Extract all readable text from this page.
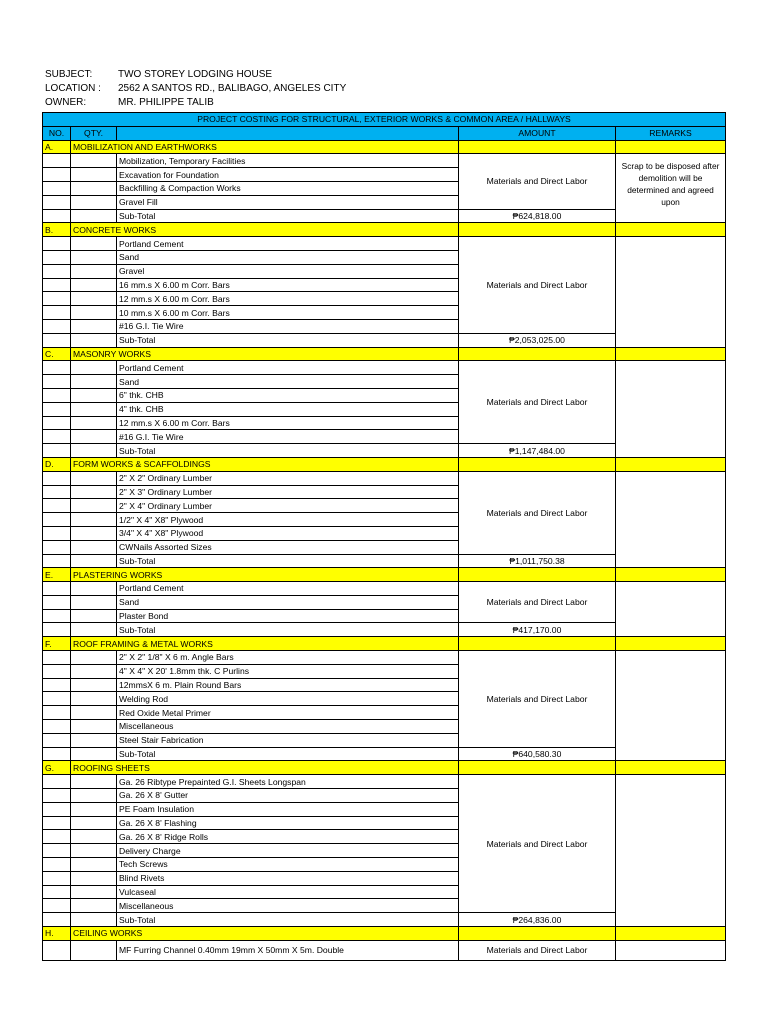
SUBJECT:	TWO STOREY LODGING HOUSE
LOCATION : 2562 A SANTOS RD., BALIBAGO, ANGELES CITY
OWNER:	MR. PHILIPPE TALIB
PROJECT COSTING FOR STRUCTURAL, EXTERIOR WORKS & COMMON AREA / HALLWAYS				
NO.	QTY.		AMOUNT	REMARKS
A.	MOBILIZATION AND EARTHWORKS			
		Mobilization, Temporary Facilities	Materials and Direct Labor	Scrap to be disposed after demolition will be determined and agreed upon
		Excavation for Foundation		
		Backfilling & Compaction Works		
		Gravel Fill		
		Sub-Total	₱624,818.00	
B.	CONCRETE WORKS			
		Portland Cement	Materials and Direct Labor	
		Sand		
		Gravel		
		16 mm.s X 6.00 m Corr. Bars		
		12 mm.s X 6.00 m Corr. Bars		
		10 mm.s X 6.00 m Corr. Bars		
		#16 G.I. Tie Wire		
		Sub-Total	₱2,053,025.00	
C.	MASONRY WORKS			
		Portland Cement	Materials and Direct Labor	
		Sand		
		6" thk. CHB		
		4" thk. CHB		
		12 mm.s X 6.00 m Corr. Bars		
		#16 G.I. Tie Wire		
		Sub-Total	₱1,147,484.00	
D.	FORM WORKS & SCAFFOLDINGS			
		2" X 2" Ordinary Lumber	Materials and Direct Labor	
		2" X 3" Ordinary Lumber		
		2" X 4" Ordinary Lumber		
		1/2" X 4" X8" Plywood		
		3/4" X 4" X8" Plywood		
		CWNails Assorted Sizes		
		Sub-Total	₱1,011,750.38	
E.	PLASTERING WORKS			
		Portland Cement	Materials and Direct Labor	
		Sand		
		Plaster Bond		
		Sub-Total	₱417,170.00	
F.	ROOF FRAMING & METAL WORKS			
		2" X 2" 1/8" X 6 m. Angle Bars	Materials and Direct Labor	
		4" X 4" X 20' 1.8mm thk. C Purlins		
		12mmsX 6 m. Plain Round Bars		
		Welding Rod		
		Red Oxide Metal Primer		
		Miscellaneous		
		Steel Stair Fabrication		
		Sub-Total	₱640,580.30	
G.	ROOFING SHEETS			
		Ga. 26 Ribtype Prepainted G.I. Sheets Longspan	Materials and Direct Labor	
		Ga. 26 X 8' Gutter		
		PE Foam Insulation		
		Ga. 26 X 8' Flashing		
		Ga. 26 X 8' Ridge Rolls		
		Delivery Charge		
		Tech Screws		
		Blind Rivets		
		Vulcaseal		
		Miscellaneous		
		Sub-Total	₱264,836.00	
H.	CEILING WORKS			
		MF Furring Channel 0.40mm 19mm X 50mm X 5m. Double	Materials and Direct Labor	
